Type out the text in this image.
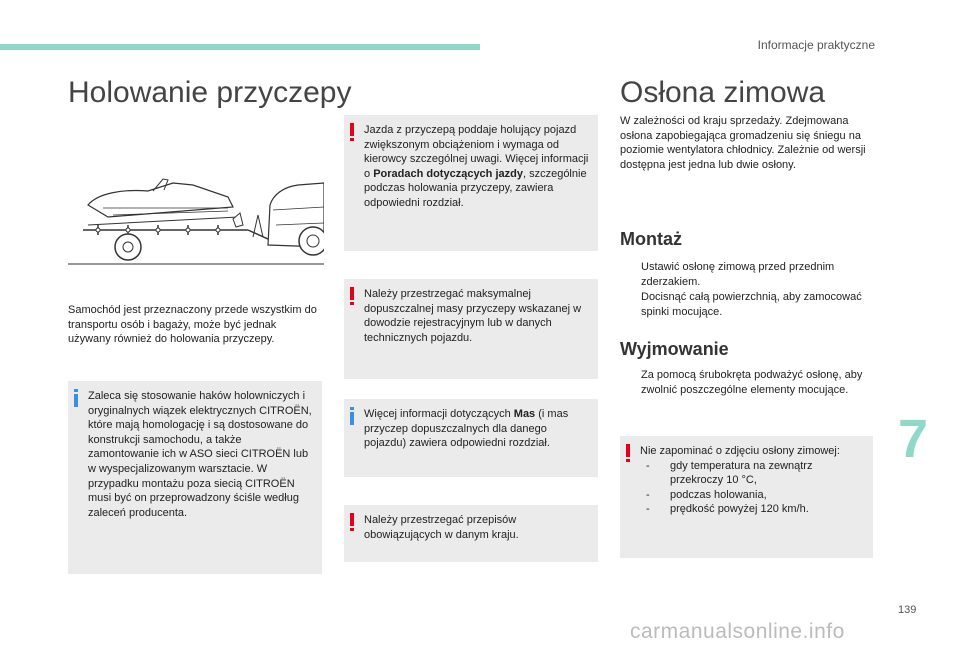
Informacje praktyczne
Holowanie przyczepy
Samochód jest przeznaczony przede wszystkim do transportu osób i bagaży, może być jednak używany również do holowania przyczepy.
Zaleca się stosowanie haków holowniczych i oryginalnych wiązek elektrycznych CITROËN, które mają homologację i są dostosowane do konstrukcji samochodu, a także zamontowanie ich w ASO sieci CITROËN lub w wyspecjalizowanym warsztacie. W przypadku montażu poza siecią CITROËN musi być on przeprowadzony ściśle według zaleceń producenta.
Jazda z przyczepą poddaje holujący pojazd zwiększonym obciążeniom i wymaga od kierowcy szczególnej uwagi. Więcej informacji o Poradach dotyczących jazdy, szczególnie podczas holowania przyczepy, zawiera odpowiedni rozdział.
Należy przestrzegać maksymalnej dopuszczalnej masy przyczepy wskazanej w dowodzie rejestracyjnym lub w danych technicznych pojazdu.
Więcej informacji dotyczących Mas (i mas przyczep dopuszczalnych dla danego pojazdu) zawiera odpowiedni rozdział.
Należy przestrzegać przepisów obowiązujących w danym kraju.
Osłona zimowa
W zależności od kraju sprzedaży. Zdejmowana osłona zapobiegająca gromadzeniu się śniegu na poziomie wentylatora chłodnicy. Zależnie od wersji dostępna jest jedna lub dwie osłony.
Montaż
Ustawić osłonę zimową przed przednim zderzakiem.
Docisnąć całą powierzchnią, aby zamocować spinki mocujące.
Wyjmowanie
Za pomocą śrubokręta podważyć osłonę, aby zwolnić poszczególne elementy mocujące.
Nie zapominać o zdjęciu osłony zimowej:
- gdy temperatura na zewnątrz przekroczy 10 °C,
- podczas holowania,
- prędkość powyżej 120 km/h.
7
139
carmanualsonline.info
